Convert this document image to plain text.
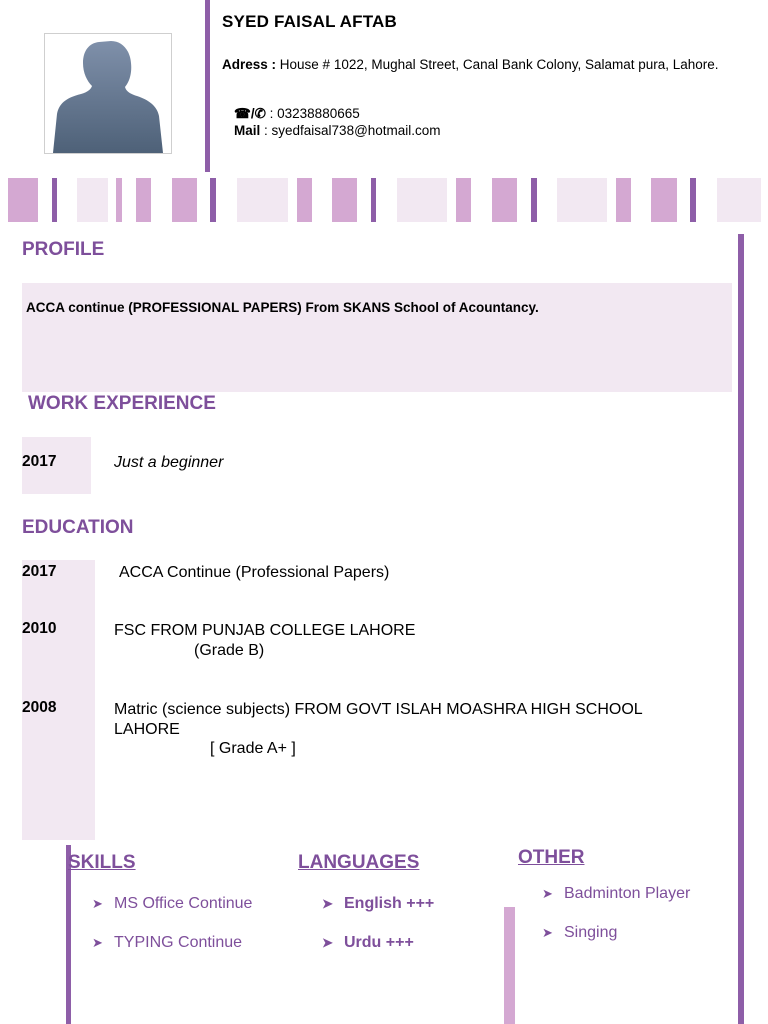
SYED FAISAL AFTAB
Adress : House # 1022, Mughal Street, Canal Bank Colony, Salamat pura, Lahore.
☎/✆ : 03238880665
Mail : syedfaisal738@hotmail.com
PROFILE
ACCA continue (PROFESSIONAL PAPERS) From SKANS School of Acountancy.
WORK EXPERIENCE
2017	Just a beginner
EDUCATION
2017	ACCA Continue (Professional Papers)
2010	FSC FROM PUNJAB COLLEGE LAHORE
(Grade B)
2008	Matric (science subjects) FROM GOVT ISLAH MOASHRA HIGH SCHOOL
LAHORE
[ Grade A+ ]
SKILLS
➤ MS Office Continue
➤ TYPING Continue
LANGUAGES
➤ English +++
➤ Urdu +++
OTHER
➤ Badminton Player
➤ Singing
